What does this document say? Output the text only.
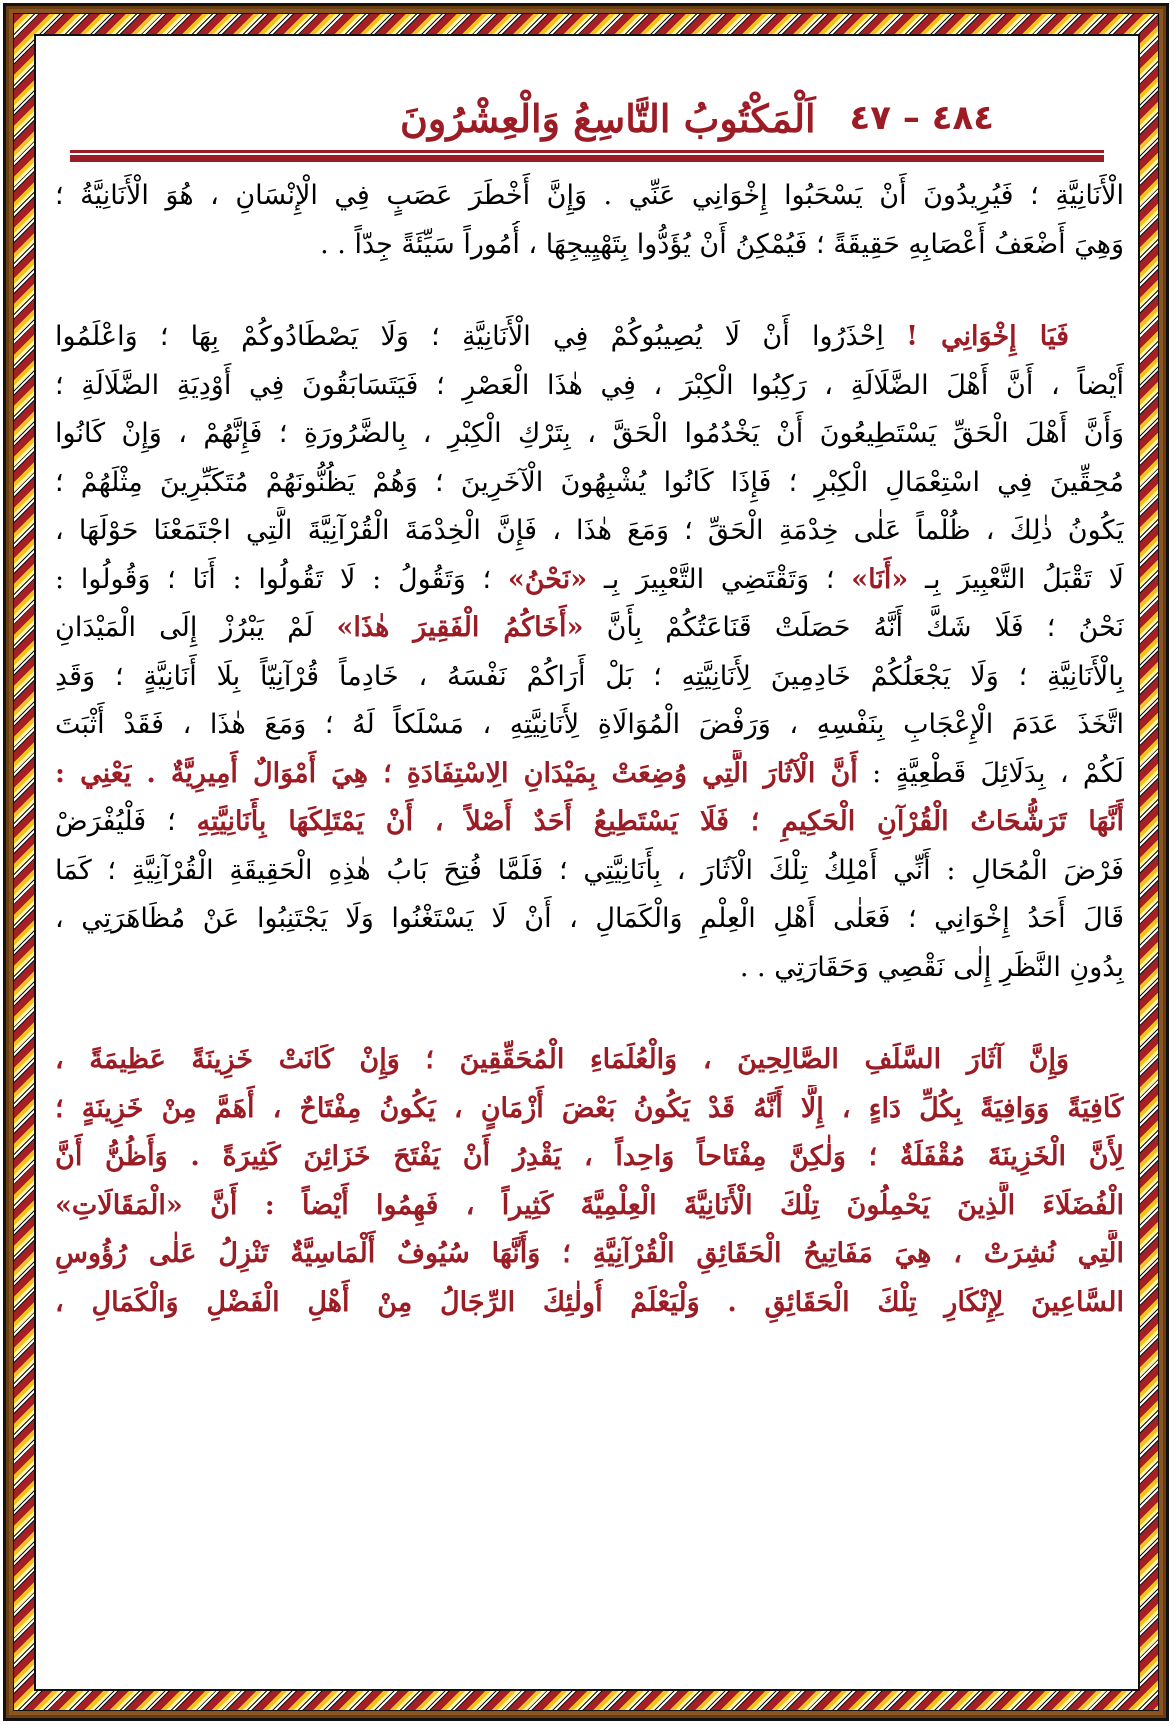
٤٨٤ – ٤٧
اَلْمَكْتُوبُ التَّاسِعُ وَالْعِشْرُونَ
الْأَنَانِيَّةِ ؛ فَيُرِيدُونَ أَنْ يَسْحَبُوا إِخْوَانِي عَنِّي . وَإِنَّ أَخْطَرَ عَصَبٍ فِي الْإِنْسَانِ ، هُوَ الْأَنَانِيَّةُ ؛
وَهِيَ أَضْعَفُ أَعْصَابِهِ حَقِيقَةً ؛ فَيُمْكِنُ أَنْ يُؤَدُّوا بِتَهْيِيجِهَا ، أُمُوراً سَيِّئَةً جِدّاً . .
فَيَا إِخْوَانِي ! اِحْذَرُوا أَنْ لَا يُصِيبُوكُمْ فِي الْأَنَانِيَّةِ ؛ وَلَا يَصْطَادُوكُمْ بِهَا ؛ وَاعْلَمُوا
أَيْضاً ، أَنَّ أَهْلَ الضَّلَالَةِ ، رَكِبُوا الْكِبْرَ ، فِي هٰذَا الْعَصْرِ ؛ فَيَتَسَابَقُونَ فِي أَوْدِيَةِ الضَّلَالَةِ ؛
وَأَنَّ أَهْلَ الْحَقِّ يَسْتَطِيعُونَ أَنْ يَخْدُمُوا الْحَقَّ ، بِتَرْكِ الْكِبْرِ ، بِالضَّرُورَةِ ؛ فَإِنَّهُمْ ، وَإِنْ كَانُوا
مُحِقِّينَ فِي اسْتِعْمَالِ الْكِبْرِ ؛ فَإِذَا كَانُوا يُشْبِهُونَ الْآخَرِينَ ؛ وَهُمْ يَظُنُّونَهُمْ مُتَكَبِّرِينَ مِثْلَهُمْ ؛
يَكُونُ ذٰلِكَ ، ظُلْماً عَلٰى خِدْمَةِ الْحَقِّ ؛ وَمَعَ هٰذَا ، فَإِنَّ الْخِدْمَةَ الْقُرْآنِيَّةَ الَّتِي اجْتَمَعْنَا حَوْلَهَا ،
لَا تَقْبَلُ التَّعْبِيرَ بِـ «أَنَا» ؛ وَتَقْتَضِي التَّعْبِيرَ بِـ «نَحْنُ» ؛ وَتَقُولُ : لَا تَقُولُوا : أَنَا ؛ وَقُولُوا :
نَحْنُ ؛ فَلَا شَكَّ أَنَّهُ حَصَلَتْ قَنَاعَتُكُمْ بِأَنَّ «أَخَاكُمُ الْفَقِيرَ هٰذَا» لَمْ يَبْرُزْ إِلَى الْمَيْدَانِ
بِالْأَنَانِيَّةِ ؛ وَلَا يَجْعَلُكُمْ خَادِمِينَ لِأَنَانِيَّتِهِ ؛ بَلْ أَرَاكُمْ نَفْسَهُ ، خَادِماً قُرْآنِيّاً بِلَا أَنَانِيَّةٍ ؛ وَقَدِ
اتَّخَذَ عَدَمَ الْإِعْجَابِ بِنَفْسِهِ ، وَرَفْضَ الْمُوَالَاةِ لِأَنَانِيَّتِهِ ، مَسْلَكاً لَهُ ؛ وَمَعَ هٰذَا ، فَقَدْ أَثْبَتَ
لَكُمْ ، بِدَلَائِلَ قَطْعِيَّةٍ : أَنَّ الْآثَارَ الَّتِي وُضِعَتْ بِمَيْدَانِ الِاسْتِفَادَةِ ؛ هِيَ أَمْوَالٌ أَمِيرِيَّةٌ . يَعْنِي :
أَنَّهَا تَرَشُّحَاتُ الْقُرْآنِ الْحَكِيمِ ؛ فَلَا يَسْتَطِيعُ أَحَدٌ أَصْلاً ، أَنْ يَمْتَلِكَهَا بِأَنَانِيَّتِهِ ؛ فَلْيُفْرَضْ
فَرْضَ الْمُحَالِ : أَنِّي أَمْلِكُ تِلْكَ الْآثَارَ ، بِأَنَانِيَّتِي ؛ فَلَمَّا فُتِحَ بَابُ هٰذِهِ الْحَقِيقَةِ الْقُرْآنِيَّةِ ؛ كَمَا
قَالَ أَحَدُ إِخْوَانِي ؛ فَعَلٰى أَهْلِ الْعِلْمِ وَالْكَمَالِ ، أَنْ لَا يَسْتَغْنُوا وَلَا يَجْتَنِبُوا عَنْ مُظَاهَرَتِي ،
بِدُونِ النَّظَرِ إِلٰى نَقْصِي وَحَقَارَتِي . .
وَإِنَّ آثَارَ السَّلَفِ الصَّالِحِينَ ، وَالْعُلَمَاءِ الْمُحَقِّقِينَ ؛ وَإِنْ كَانَتْ خَزِينَةً عَظِيمَةً ،
كَافِيَةً وَوَافِيَةً بِكُلِّ دَاءٍ ، إِلَّا أَنَّهُ قَدْ يَكُونُ بَعْضَ أَزْمَانٍ ، يَكُونُ مِفْتَاحٌ ، أَهَمَّ مِنْ خَزِينَةٍ ؛
لِأَنَّ الْخَزِينَةَ مُقْفَلَةٌ ؛ وَلٰكِنَّ مِفْتَاحاً وَاحِداً ، يَقْدِرُ أَنْ يَفْتَحَ خَزَائِنَ كَثِيرَةً . وَأَظُنُّ أَنَّ
الْفُضَلَاءَ الَّذِينَ يَحْمِلُونَ تِلْكَ الْأَنَانِيَّةَ الْعِلْمِيَّةَ كَثِيراً ، فَهِمُوا أَيْضاً : أَنَّ «الْمَقَالَاتِ»
الَّتِي نُشِرَتْ ، هِيَ مَفَاتِيحُ الْحَقَائِقِ الْقُرْآنِيَّةِ ؛ وَأَنَّهَا سُيُوفٌ أَلْمَاسِيَّةٌ تَنْزِلُ عَلٰى رُؤُوسِ
السَّاعِينَ لِإِنْكَارِ تِلْكَ الْحَقَائِقِ . وَلْيَعْلَمْ أُولٰئِكَ الرِّجَالُ مِنْ أَهْلِ الْفَضْلِ وَالْكَمَالِ ،
